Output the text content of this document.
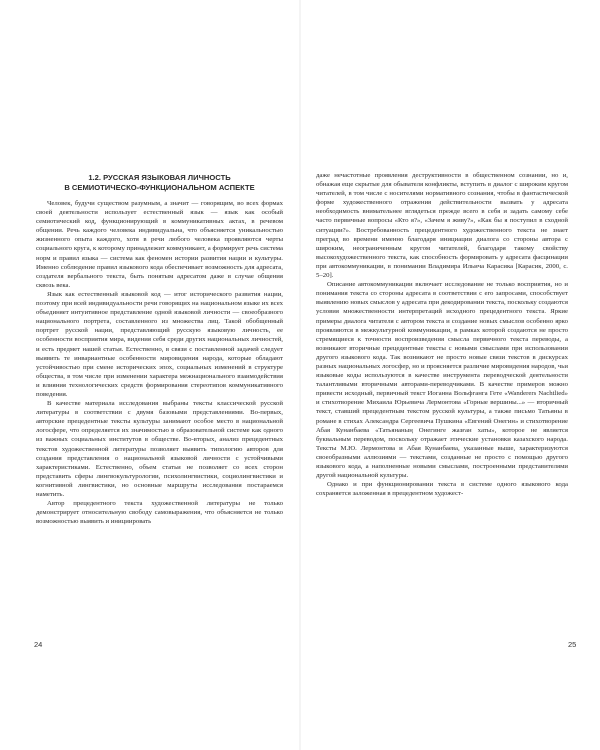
1.2. РУССКАЯ ЯЗЫКОВАЯ ЛИЧНОСТЬ
В СЕМИОТИЧЕСКО-ФУНКЦИОНАЛЬНОМ АСПЕКТЕ

Человек, будучи существом разумным, а значит — говорящим, во всех формах своей деятельности использует естественный язык — язык как особый семиотический код, функционирующий в коммуникативных актах, в речевом общении. Речь каждого человека индивидуальна, что объясняется уникальностью жизненного опыта каждого, хотя в речи любого человека проявляются черты социального круга, к которому принадлежит коммуникант, а формирует речь система норм и правил языка — система как феномен истории развития нации и культуры. Именно соблюдение правил языкового кода обеспечивает возможность для адресата, создателя вербального текста, быть понятым адресатом даже в случае общения сквозь века.

Язык как естественный языковой код — итог исторического развития нации, поэтому при всей индивидуальности речи говорящих на национальном языке их всех объединяет интуитивное представление одной языковой личности — своеобразного национального портрета, составленного из множества лиц. Такой обобщенный портрет русской нации, представляющий русскую языковую личность, ее особенности восприятия мира, видения себя среди других национальных личностей, и есть предмет нашей статьи. Естественно, в связи с поставленной задачей следует выявить те инвариантные особенности мировидения народа, которые обладают устойчивостью при смене исторических эпох, социальных изменений в структуре общества, в том числе при изменении характера межнационального взаимодействия и влияния технологических средств формирования стереотипов коммуникативного поведения.

В качестве материала исследования выбраны тексты классической русской литературы в соответствии с двумя базовыми представлениями. Во-первых, авторские прецедентные тексты культуры занимают особое место в национальной логосфере, что определяется их значимостью в образовательной системе как одного из важных социальных институтов в обществе. Во-вторых, анализ прецедентных текстов художественной литературы позволяет выявить типологию авторов для создания представления о национальной языковой личности с устойчивыми характеристиками. Естественно, объем статьи не позволяет со всех сторон представить сферы лингвокультурологии, психолингвистики, социолингвистики и когнитивной лингвистики, но основные маршруты исследования постараемся наметить.

Автор прецедентного текста художественной литературы не только демонстрирует относительную свободу самовыражения, что объясняется не только возможностью выявить и инициировать

24

даже нечастотные проявления деструктивности в общественном сознании, но и, обнажая еще скрытые для обывателя конфликты, вступить в диалог с широким кругом читателей, в том числе с носителями нормативного сознания, чтобы в фантастической форме художественного отражения действительности вызвать у адресата необходимость внимательнее вглядеться прежде всего в себя и задать самому себе часто первичные вопросы «Кто я?», «Зачем я живу?», «Как бы я поступил в сходной ситуации?». Востребованность прецедентного художественного текста не знает преград во времени именно благодаря инициации диалога со стороны автора с широким, неограниченным кругом читателей, благодаря такому свойству высокохудожественного текста, как способность формировать у адресата фасцинации при автокоммуникации, в понимании Владимира Ильича Карасика [Карасик, 2000, с. 5–20].

Описание автокоммуникации включает исследование не только восприятия, но и понимания текста со стороны адресата в соответствии с его запросами, способствует выявлению новых смыслов у адресата при декодировании текста, поскольку создаются условия множественности интерпретаций исходного прецедентного текста. Яркие примеры диалога читателя с автором текста и создание новых смыслов особенно ярко проявляются в межкультурной коммуникации, в рамках которой создаются не просто стремящиеся к точности воспроизведения смысла первичного текста переводы, а возникают вторичные прецедентные тексты с новыми смыслами при использовании другого языкового кода. Так возникают не просто новые связи текстов в дискурсах разных национальных логосфер, но и проясняется различие мировидения народов, чьи языковые коды используются в качестве инструмента переводческой деятельности талантливыми вторичными авторами-переводчиками. В качестве примеров можно привести исходный, первичный текст Иоганна Вольфганга Гете «Wanderers Nachtlied» и стихотворение Михаила Юрьевича Лермонтова «Горные вершины...» — вторичный текст, ставший прецедентным текстом русской культуры, а также письмо Татьяны в романе в стихах Александра Сергеевича Пушкина «Евгений Онегин» и стихотворение Абая Кунанбаева «Татьянаның Онегинге жазған хаты», которое не является буквальным переводом, поскольку отражает этические установки казахского народа. Тексты М.Ю. Лермонтова и Абая Кунанбаева, указанные выше, характеризуются своеобразными аллюзиями — текстами, созданные не просто с помощью другого языкового кода, а наполненные новыми смыслами, построенными представителями другой национальной культуры.

Однако и при функционировании текста в системе одного языкового кода сохраняется заложенная в прецедентном художест-

25
